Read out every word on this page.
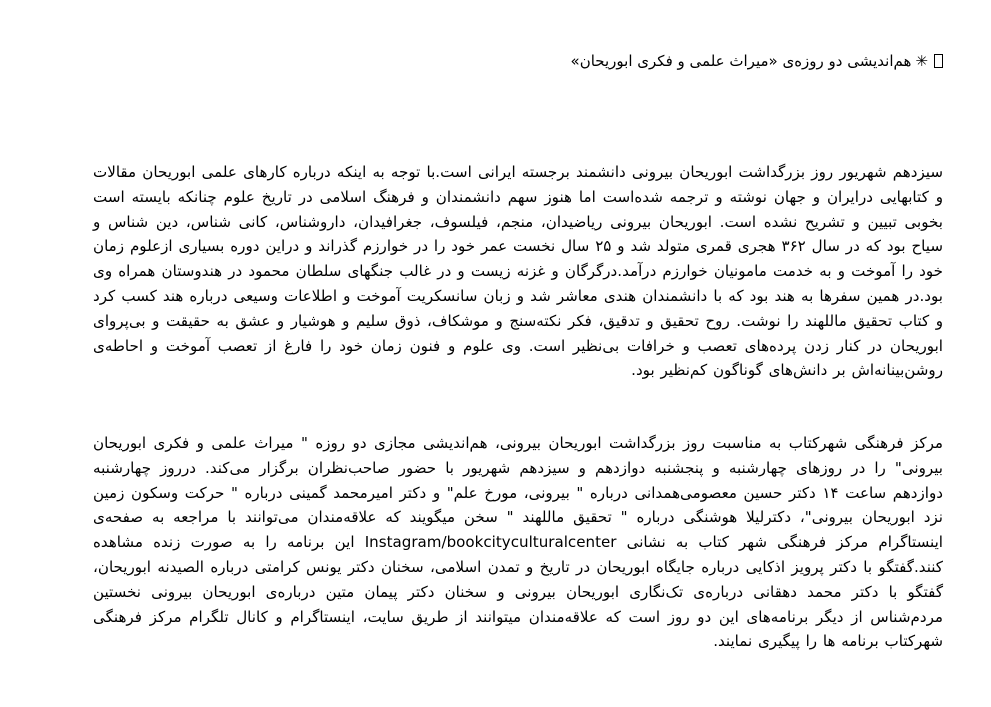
✳
هم‌اندیشی دو روزه‌ی «میراث علمی و فکری ابوریحان»

سیزدهم شهریور روز بزرگداشت ابوریحان بیرونی دانشمند برجسته ایرانی است.با توجه به اینکه درباره کارهای علمی ابوریحان مقالات و کتابهایی درایران و جهان نوشته و ترجمه شده‌است اما هنوز سهم دانشمندان و فرهنگ اسلامی در تاریخ علوم چنانکه بایسته است بخوبی تبیین و تشریح نشده است. ابوریحان بیرونی ریاضیدان، منجم، فیلسوف، جغرافیدان، داروشناس، کانی شناس، دین شناس و سیاح بود که در سال ۳۶۲ هجری قمری متولد شد و ۲۵ سال نخست عمر خود را در خوارزم گذراند و دراین دوره بسیاری ازعلوم زمان خود را آموخت و به خدمت مامونیان خوارزم درآمد.درگرگان و غزنه زیست و در غالب جنگهای سلطان محمود در هندوستان همراه وی بود.در همین سفرها به هند بود که با دانشمندان هندی معاشر شد و زبان سانسکریت آموخت و اطلاعات وسیعی درباره هند کسب کرد و کتاب تحقیق ماللهند را نوشت. روح تحقیق و تدقیق، فکر نکته‌سنج و موشکاف، ذوق سلیم و هوشیار و عشق به حقیقت و بی‌پروای ابوریحان در کنار زدن پرده‌های تعصب و خرافات بی‌نظیر است. وی علوم و فنون زمان خود را فارغ از تعصب آموخت و احاطه‌ی روشن‌بینانه‌اش بر دانش‌های گوناگون کم‌نظیر بود.

مرکز فرهنگی شهرکتاب به مناسبت روز بزرگداشت ابوریحان بیرونی، هم‌اندیشی مجازی دو روزه " میراث علمی و فکری ابوریحان بیرونی" را در روزهای چهارشنبه و پنجشنبه دوازدهم و سیزدهم شهریور با حضور صاحب‌نظران برگزار می‌کند. درروز چهارشنبه دوازدهم ساعت ۱۴ دکتر حسین معصومی‌همدانی درباره " بیرونی، مورخ علم" و دکتر امیرمحمد گمینی درباره " حرکت وسکون زمین نزد ابوریحان بیرونی"، دکترلیلا هوشنگی درباره " تحقیق ماللهند " سخن میگویند که علاقه‌مندان می‌توانند با مراجعه به صفحه‌ی اینستاگرام مرکز فرهنگی شهر کتاب به نشانی Instagram/bookcityculturalcenter این برنامه را به صورت زنده مشاهده کنند.گفتگو با دکتر پرویز اذکایی درباره جایگاه ابوریحان در تاریخ و تمدن اسلامی، سخنان دکتر یونس کرامتی درباره الصیدنه ابوریحان، گفتگو با دکتر محمد دهقانی درباره‌ی تک‌نگاری ابوریحان بیرونی و سخنان دکتر پیمان متین درباره‌ی ابوریحان بیرونی نخستین مردم‌شناس از دیگر برنامه‌های این دو روز است که علاقه‌مندان میتوانند از طریق سایت، اینستاگرام و کانال تلگرام مرکز فرهنگی شهرکتاب برنامه ها را پیگیری نمایند.
